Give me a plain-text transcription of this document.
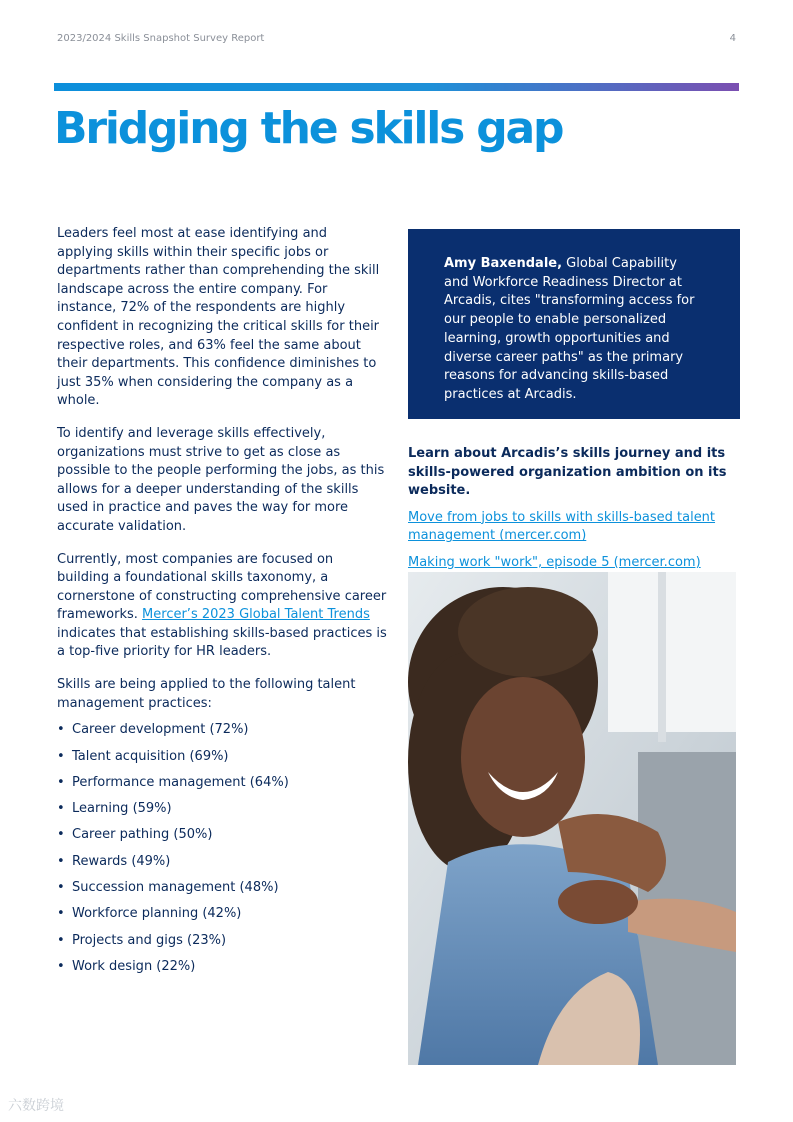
2023/2024 Skills Snapshot Survey Report	4
Bridging the skills gap

Leaders feel most at ease identifying and applying skills within their specific jobs or departments rather than comprehending the skill landscape across the entire company. For instance, 72% of the respondents are highly confident in recognizing the critical skills for their respective roles, and 63% feel the same about their departments. This confidence diminishes to just 35% when considering the company as a whole.

To identify and leverage skills effectively, organizations must strive to get as close as possible to the people performing the jobs, as this allows for a deeper understanding of the skills used in practice and paves the way for more accurate validation.

Currently, most companies are focused on building a foundational skills taxonomy, a cornerstone of constructing comprehensive career frameworks. Mercer’s 2023 Global Talent Trends indicates that establishing skills-based practices is a top-five priority for HR leaders.

Skills are being applied to the following talent management practices:

• Career development (72%)
• Talent acquisition (69%)
• Performance management (64%)
• Learning (59%)
• Career pathing (50%)
• Rewards (49%)
• Succession management (48%)
• Workforce planning (42%)
• Projects and gigs (23%)
• Work design (22%)
Amy Baxendale, Global Capability and Workforce Readiness Director at Arcadis, cites "transforming access for our people to enable personalized learning, growth opportunities and diverse career paths" as the primary reasons for advancing skills-based practices at Arcadis.

Learn about Arcadis’s skills journey and its skills-powered organization ambition on its website.

Move from jobs to skills with skills-based talent management (mercer.com)
Making work "work", episode 5 (mercer.com)
六数跨境
